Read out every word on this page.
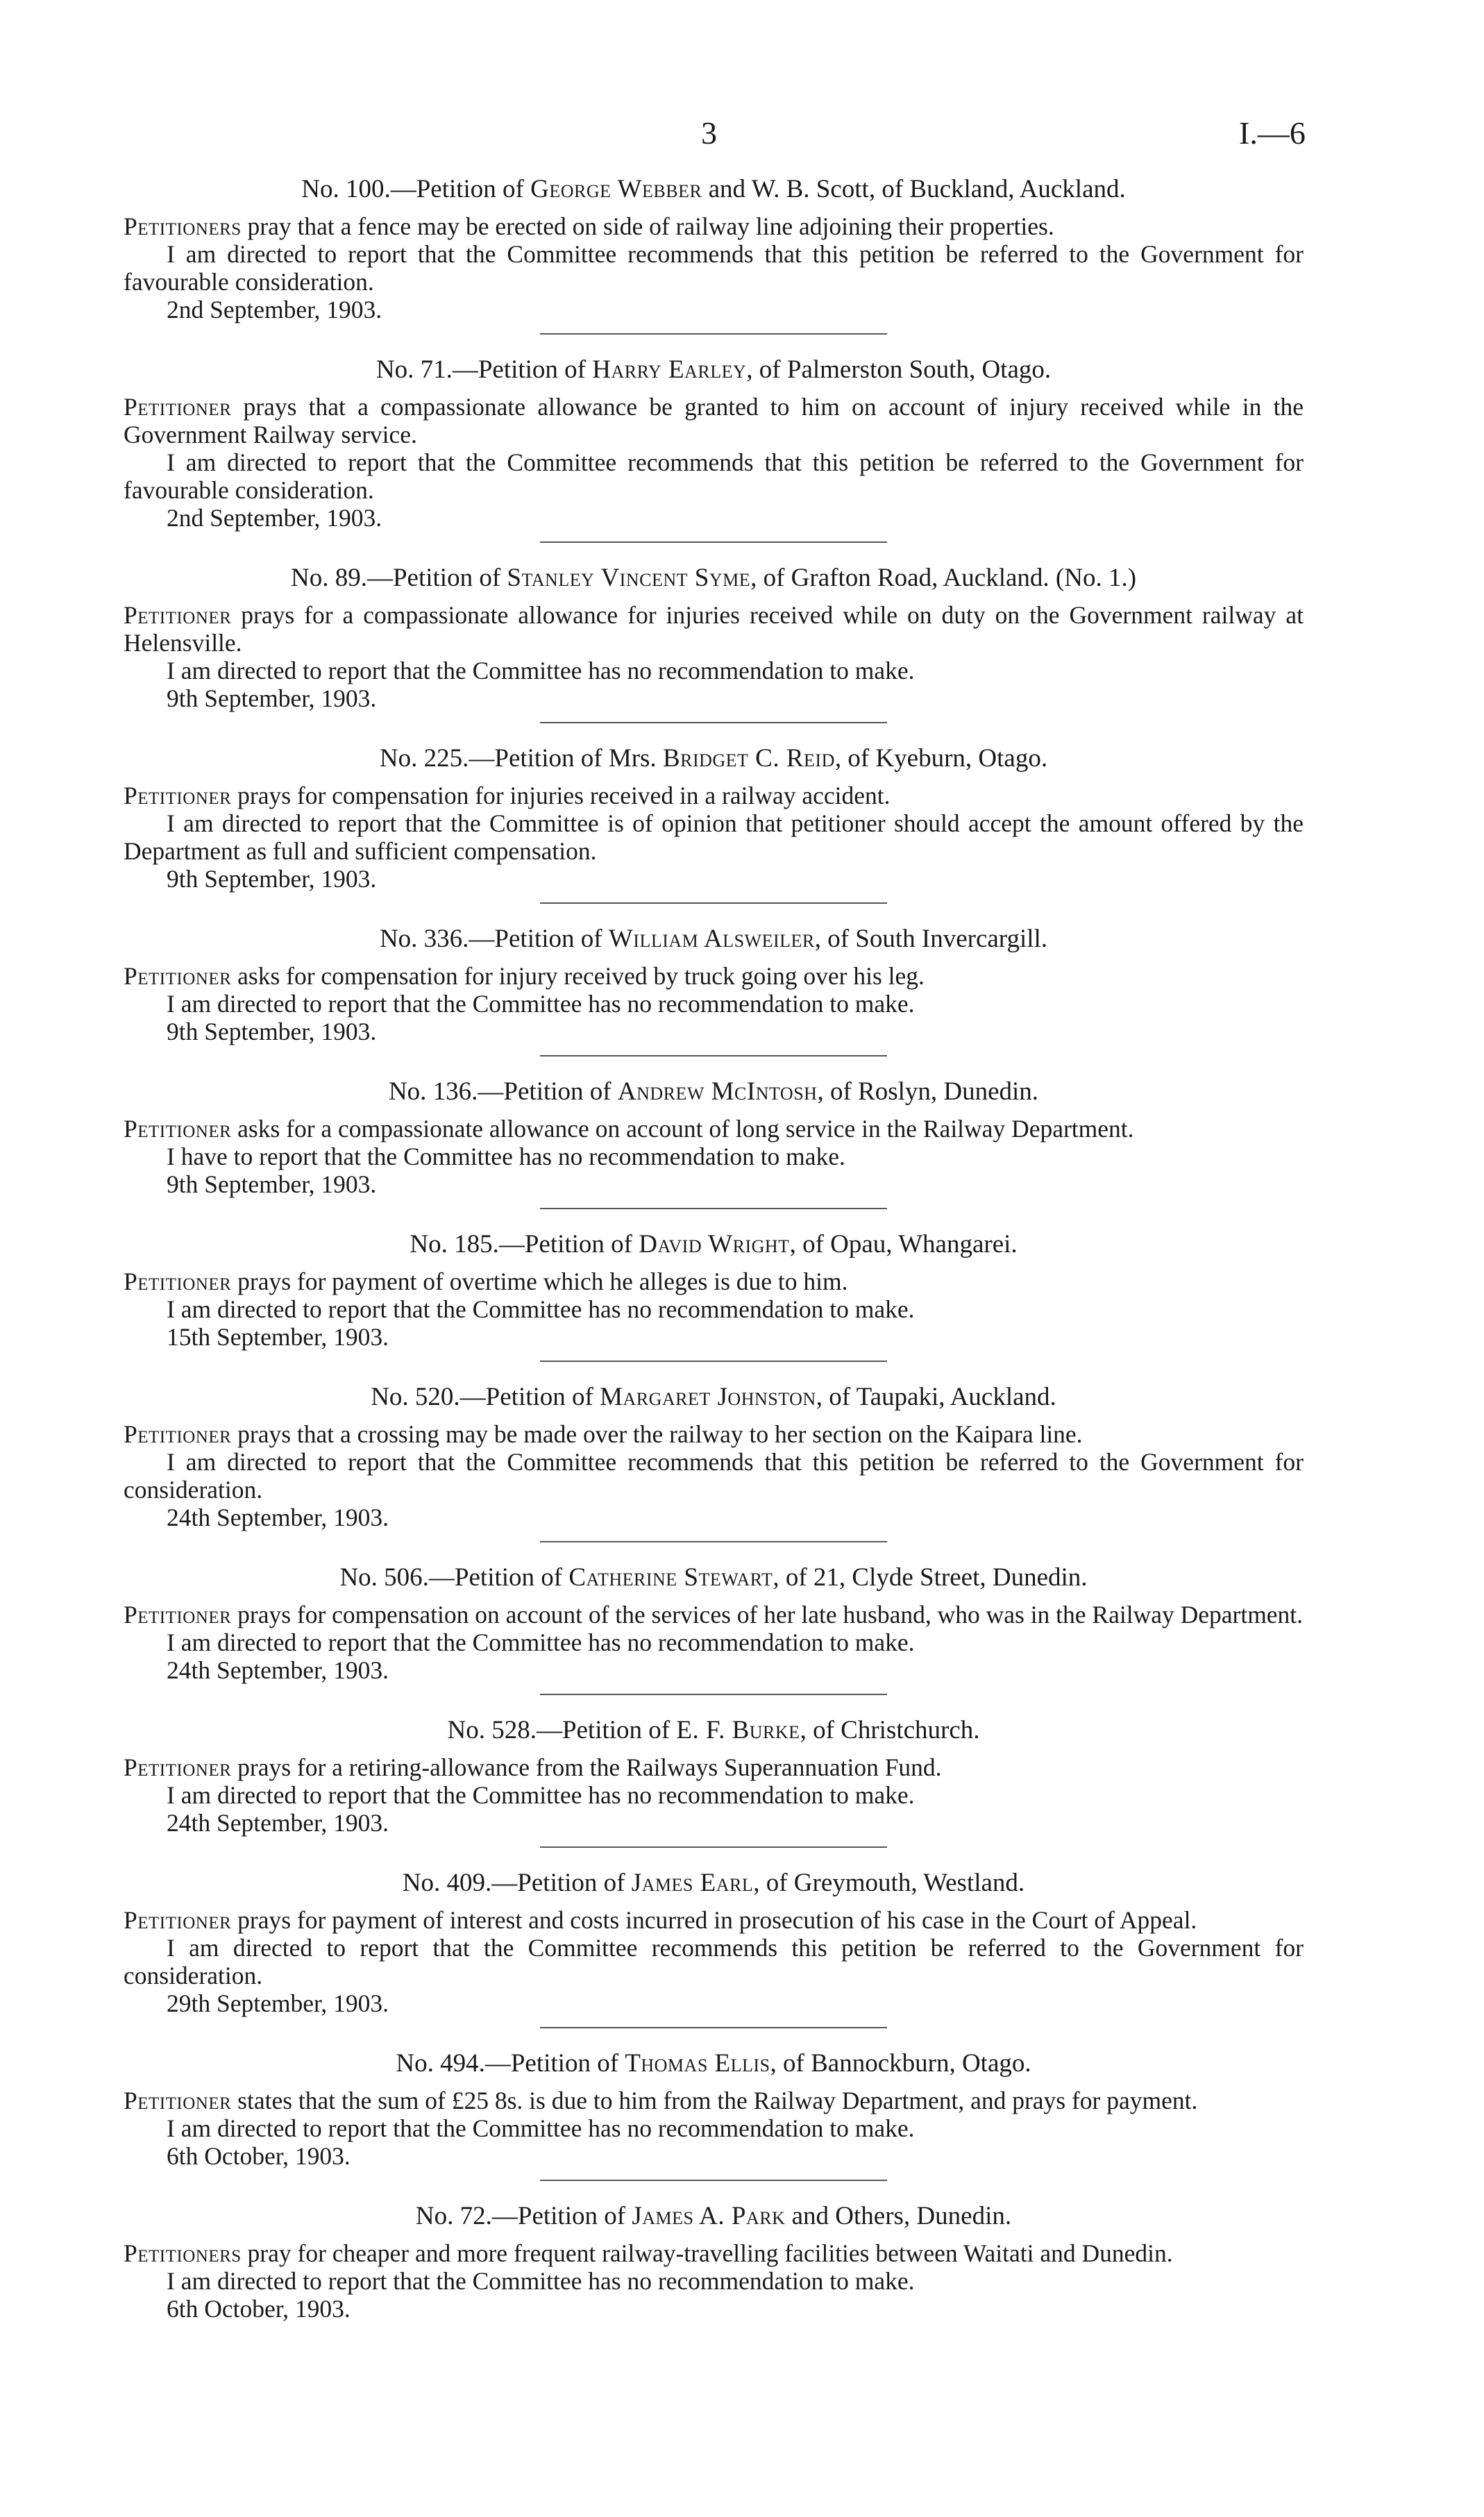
3	I.—6

No. 100.—Petition of George Webber and W. B. Scott, of Buckland, Auckland.

Petitioners pray that a fence may be erected on side of railway line adjoining their properties.

I am directed to report that the Committee recommends that this petition be referred to the Government for favourable consideration.

2nd September, 1903.

No. 71.—Petition of Harry Earley, of Palmerston South, Otago.

Petitioner prays that a compassionate allowance be granted to him on account of injury received while in the Government Railway service.

I am directed to report that the Committee recommends that this petition be referred to the Government for favourable consideration.

2nd September, 1903.

No. 89.—Petition of Stanley Vincent Syme, of Grafton Road, Auckland. (No. 1.)

Petitioner prays for a compassionate allowance for injuries received while on duty on the Government railway at Helensville.

I am directed to report that the Committee has no recommendation to make.

9th September, 1903.

No. 225.—Petition of Mrs. Bridget C. Reid, of Kyeburn, Otago.

Petitioner prays for compensation for injuries received in a railway accident.

I am directed to report that the Committee is of opinion that petitioner should accept the amount offered by the Department as full and sufficient compensation.

9th September, 1903.

No. 336.—Petition of William Alsweiler, of South Invercargill.

Petitioner asks for compensation for injury received by truck going over his leg.

I am directed to report that the Committee has no recommendation to make.

9th September, 1903.

No. 136.—Petition of Andrew McIntosh, of Roslyn, Dunedin.

Petitioner asks for a compassionate allowance on account of long service in the Railway Department.

I have to report that the Committee has no recommendation to make.

9th September, 1903.

No. 185.—Petition of David Wright, of Opau, Whangarei.

Petitioner prays for payment of overtime which he alleges is due to him.

I am directed to report that the Committee has no recommendation to make.

15th September, 1903.

No. 520.—Petition of Margaret Johnston, of Taupaki, Auckland.

Petitioner prays that a crossing may be made over the railway to her section on the Kaipara line.

I am directed to report that the Committee recommends that this petition be referred to the Government for consideration.

24th September, 1903.

No. 506.—Petition of Catherine Stewart, of 21, Clyde Street, Dunedin.

Petitioner prays for compensation on account of the services of her late husband, who was in the Railway Department.

I am directed to report that the Committee has no recommendation to make.

24th September, 1903.

No. 528.—Petition of E. F. Burke, of Christchurch.

Petitioner prays for a retiring-allowance from the Railways Superannuation Fund.

I am directed to report that the Committee has no recommendation to make.

24th September, 1903.

No. 409.—Petition of James Earl, of Greymouth, Westland.

Petitioner prays for payment of interest and costs incurred in prosecution of his case in the Court of Appeal.

I am directed to report that the Committee recommends this petition be referred to the Government for consideration.

29th September, 1903.

No. 494.—Petition of Thomas Ellis, of Bannockburn, Otago.

Petitioner states that the sum of £25 8s. is due to him from the Railway Department, and prays for payment.

I am directed to report that the Committee has no recommendation to make.

6th October, 1903.

No. 72.—Petition of James A. Park and Others, Dunedin.

Petitioners pray for cheaper and more frequent railway-travelling facilities between Waitati and Dunedin.

I am directed to report that the Committee has no recommendation to make.

6th October, 1903.
